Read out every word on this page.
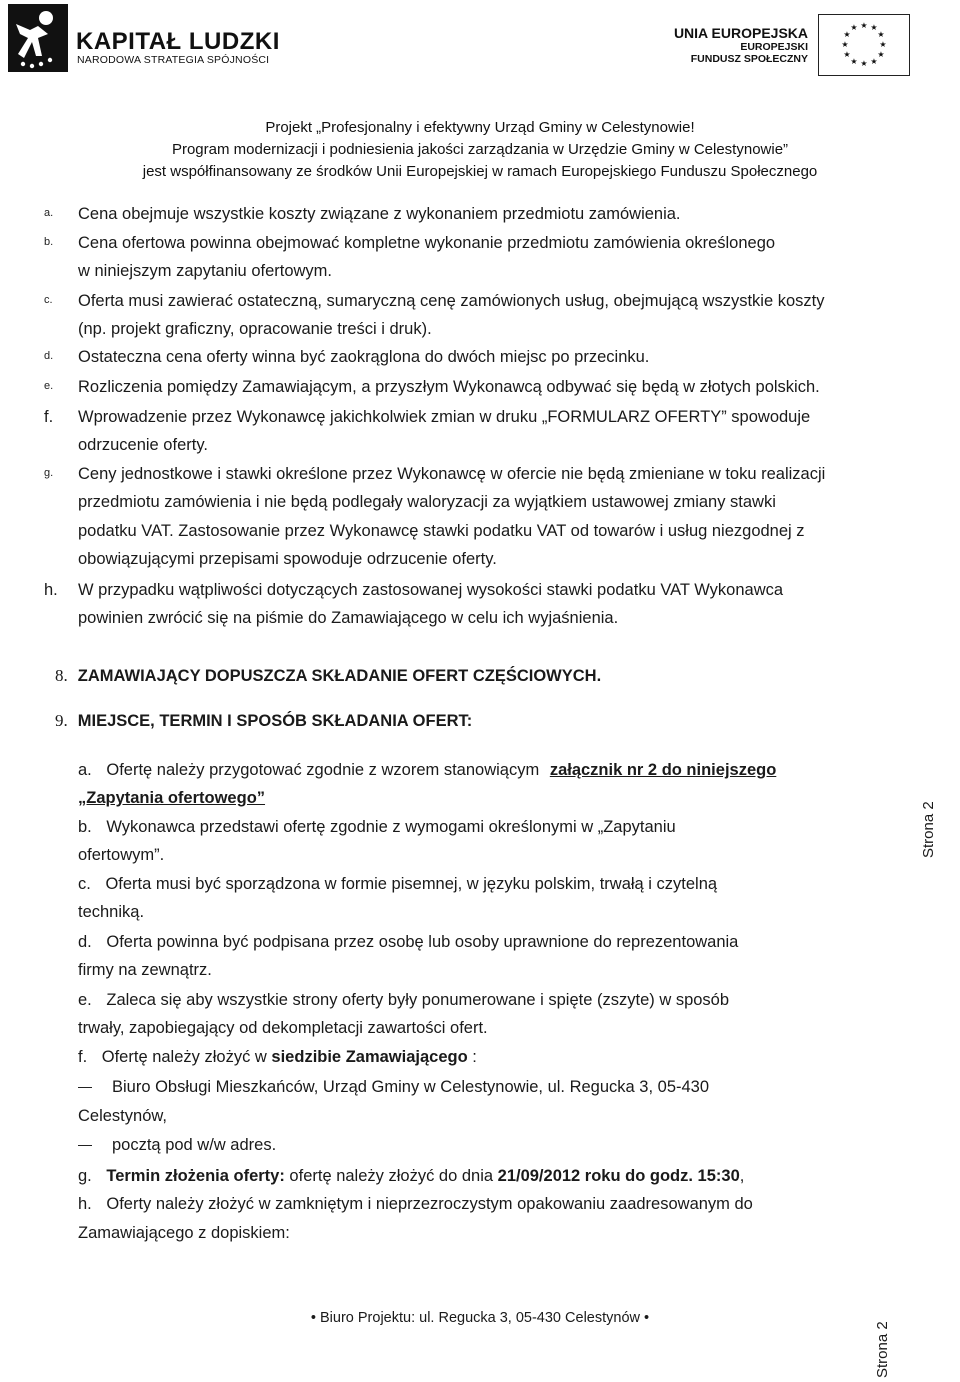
KAPITAŁ LUDZKI
NARODOWA STRATEGIA SPÓJNOŚCI
UNIA EUROPEJSKA
EUROPEJSKI
FUNDUSZ SPOŁECZNY
★ ★
★
★
★
★
★
★
★
★
★
★
Projekt „Profesjonalny i efektywny Urząd Gminy w Celestynowie!
Program modernizacji i podniesienia jakości zarządzania w Urzędzie Gminy w Celestynowie”
jest współfinansowany ze środków Unii Europejskiej w ramach Europejskiego Funduszu Społecznego
a. Cena obejmuje wszystkie koszty związane z wykonaniem przedmiotu zamówienia.
b. Cena ofertowa powinna obejmować kompletne wykonanie przedmiotu zamówienia określonego
w niniejszym zapytaniu ofertowym.
c. Oferta musi zawierać ostateczną, sumaryczną cenę zamówionych usług, obejmującą wszystkie koszty
(np. projekt graficzny, opracowanie treści i druk).
d. Ostateczna cena oferty winna być zaokrąglona do dwóch miejsc po przecinku.
e. Rozliczenia pomiędzy Zamawiającym, a przyszłym Wykonawcą odbywać się będą w złotych polskich.
f. Wprowadzenie przez Wykonawcę jakichkolwiek zmian w druku „FORMULARZ OFERTY” spowoduje
odrzucenie oferty.
g. Ceny jednostkowe i stawki określone przez Wykonawcę w ofercie nie będą zmieniane w toku realizacji
przedmiotu zamówienia i nie będą podlegały waloryzacji za wyjątkiem ustawowej zmiany stawki
podatku VAT. Zastosowanie przez Wykonawcę stawki podatku VAT od towarów i usług niezgodnej z
obowiązującymi przepisami spowoduje odrzucenie oferty.
h. W przypadku wątpliwości dotyczących zastosowanej wysokości stawki podatku VAT Wykonawca
powinien zwrócić się na piśmie do Zamawiającego w celu ich wyjaśnienia.
8. ZAMAWIAJĄCY DOPUSZCZA SKŁADANIE OFERT CZĘŚCIOWYCH.
9. MIEJSCE, TERMIN I SPOSÓB SKŁADANIA OFERT:
a. Ofertę należy przygotować zgodnie z wzorem stanowiącym załącznik nr 2 do niniejszego
„Zapytania ofertowego”
b. Wykonawca przedstawi ofertę zgodnie z wymogami określonymi w „Zapytaniu
ofertowym”.
c. Oferta musi być sporządzona w formie pisemnej, w języku polskim, trwałą i czytelną
techniką.
d. Oferta powinna być podpisana przez osobę lub osoby uprawnione do reprezentowania
firmy na zewnątrz.
e. Zaleca się aby wszystkie strony oferty były ponumerowane i spięte (zszyte) w sposób
trwały, zapobiegający od dekompletacji zawartości ofert.
f. Ofertę należy złożyć w siedzibie Zamawiającego :
Biuro Obsługi Mieszkańców, Urząd Gminy w Celestynowie, ul. Regucka 3, 05-430
Celestynów,
pocztą pod w/w adres.
g. Termin złożenia oferty: ofertę należy złożyć do dnia 21/09/2012 roku do godz. 15:30,
h. Oferty należy złożyć w zamkniętym i nieprzezroczystym opakowaniu zaadresowanym do
Zamawiającego z dopiskiem:
Strona 2
Strona 2
• Biuro Projektu: ul. Regucka 3, 05-430 Celestynów •
